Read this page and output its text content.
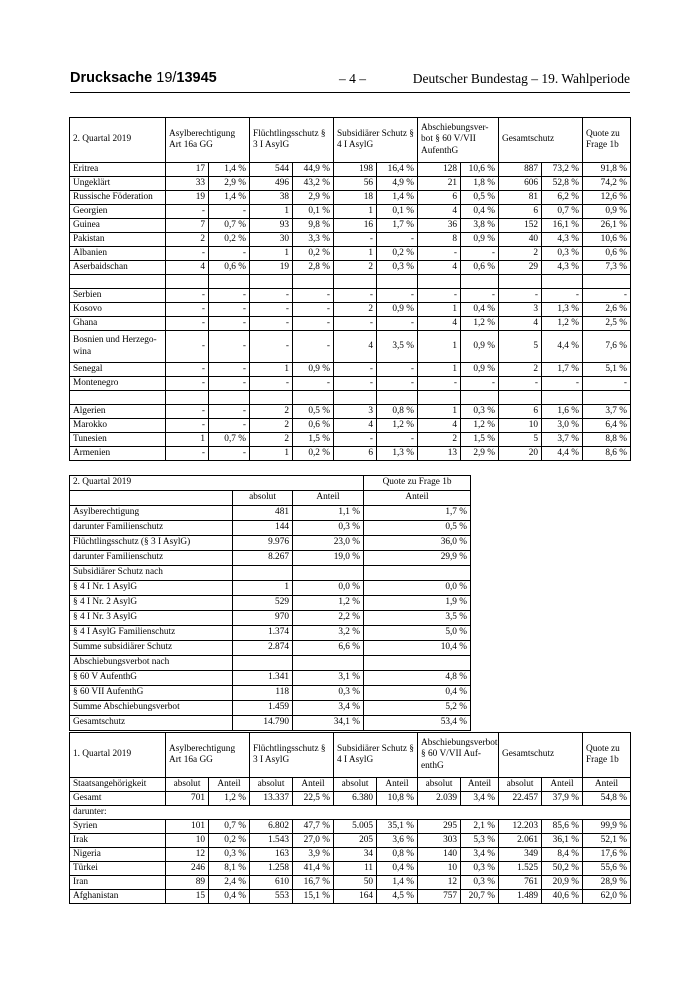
Drucksache 19/13945	– 4 –	Deutscher Bundestag – 19. Wahlperiode
2. Quartal 2019	Asylberechtigung Art 16a GG		Flüchtlingsschutz § 3 I AsylG		Subsidiärer Schutz § 4 I AsylG		Abschiebungsver-bot § 60 V/VII AufenthG		Gesamtschutz		Quote zu Frage 1b
Eritrea	17	1,4 %	544	44,9 %	198	16,4 %	128	10,6 %	887	73,2 %	91,8 %
Ungeklärt	33	2,9 %	496	43,2 %	56	4,9 %	21	1,8 %	606	52,8 %	74,2 %
Russische Föderation	19	1,4 %	38	2,9 %	18	1,4 %	6	0,5 %	81	6,2 %	12,6 %
Georgien	-	-	1	0,1 %	1	0,1 %	4	0,4 %	6	0,7 %	0,9 %
Guinea	7	0,7 %	93	9,8 %	16	1,7 %	36	3,8 %	152	16,1 %	26,1 %
Pakistan	2	0,2 %	30	3,3 %	-	-	8	0,9 %	40	4,3 %	10,6 %
Albanien	-	-	1	0,2 %	1	0,2 %	-	-	2	0,3 %	0,6 %
Aserbaidschan	4	0,6 %	19	2,8 %	2	0,3 %	4	0,6 %	29	4,3 %	7,3 %

Serbien	-	-	-	-	-	-	-	-	-	-	-
Kosovo	-	-	-	-	2	0,9 %	1	0,4 %	3	1,3 %	2,6 %
Ghana	-	-	-	-	-	-	4	1,2 %	4	1,2 %	2,5 %
Bosnien und Herzego-wina	-	-	-	-	4	3,5 %	1	0,9 %	5	4,4 %	7,6 %
Senegal	-	-	1	0,9 %	-	-	1	0,9 %	2	1,7 %	5,1 %
Montenegro	-	-	-	-	-	-	-	-	-	-	-

Algerien	-	-	2	0,5 %	3	0,8 %	1	0,3 %	6	1,6 %	3,7 %
Marokko	-	-	2	0,6 %	4	1,2 %	4	1,2 %	10	3,0 %	6,4 %
Tunesien	1	0,7 %	2	1,5 %	-	-	2	1,5 %	5	3,7 %	8,8 %
Armenien	-	-	1	0,2 %	6	1,3 %	13	2,9 %	20	4,4 %	8,6 %
2. Quartal 2019			Quote zu Frage 1b
	absolut	Anteil	Anteil
Asylberechtigung	481	1,1 %	1,7 %
darunter Familienschutz	144	0,3 %	0,5 %
Flüchtlingsschutz (§ 3 I AsylG)	9.976	23,0 %	36,0 %
darunter Familienschutz	8.267	19,0 %	29,9 %
Subsidiärer Schutz nach			
§ 4 I Nr. 1 AsylG	1	0,0 %	0,0 %
§ 4 I Nr. 2 AsylG	529	1,2 %	1,9 %
§ 4 I Nr. 3 AsylG	970	2,2 %	3,5 %
§ 4 I AsylG Familienschutz	1.374	3,2 %	5,0 %
Summe subsidiärer Schutz	2.874	6,6 %	10,4 %
Abschiebungsverbot nach			
§ 60 V AufenthG	1.341	3,1 %	4,8 %
§ 60 VII AufenthG	118	0,3 %	0,4 %
Summe Abschiebungsverbot	1.459	3,4 %	5,2 %
Gesamtschutz	14.790	34,1 %	53,4 %
1. Quartal 2019	Asylberechtigung Art 16a GG		Flüchtlingsschutz § 3 I AsylG		Subsidiärer Schutz § 4 I AsylG		Abschiebungsverbot § 60 V/VII Auf-enthG		Gesamtschutz		Quote zu Frage 1b
Staatsangehörigkeit	absolut	Anteil	absolut	Anteil	absolut	Anteil	absolut	Anteil	absolut	Anteil	Anteil
Gesamt	701	1,2 %	13.337	22,5 %	6.380	10,8 %	2.039	3,4 %	22.457	37,9 %	54,8 %
darunter:											
Syrien	101	0,7 %	6.802	47,7 %	5.005	35,1 %	295	2,1 %	12.203	85,6 %	99,9 %
Irak	10	0,2 %	1.543	27,0 %	205	3,6 %	303	5,3 %	2.061	36,1 %	52,1 %
Nigeria	12	0,3 %	163	3,9 %	34	0,8 %	140	3,4 %	349	8,4 %	17,6 %
Türkei	246	8,1 %	1.258	41,4 %	11	0,4 %	10	0,3 %	1.525	50,2 %	55,6 %
Iran	89	2,4 %	610	16,7 %	50	1,4 %	12	0,3 %	761	20,9 %	28,9 %
Afghanistan	15	0,4 %	553	15,1 %	164	4,5 %	757	20,7 %	1.489	40,6 %	62,0 %
